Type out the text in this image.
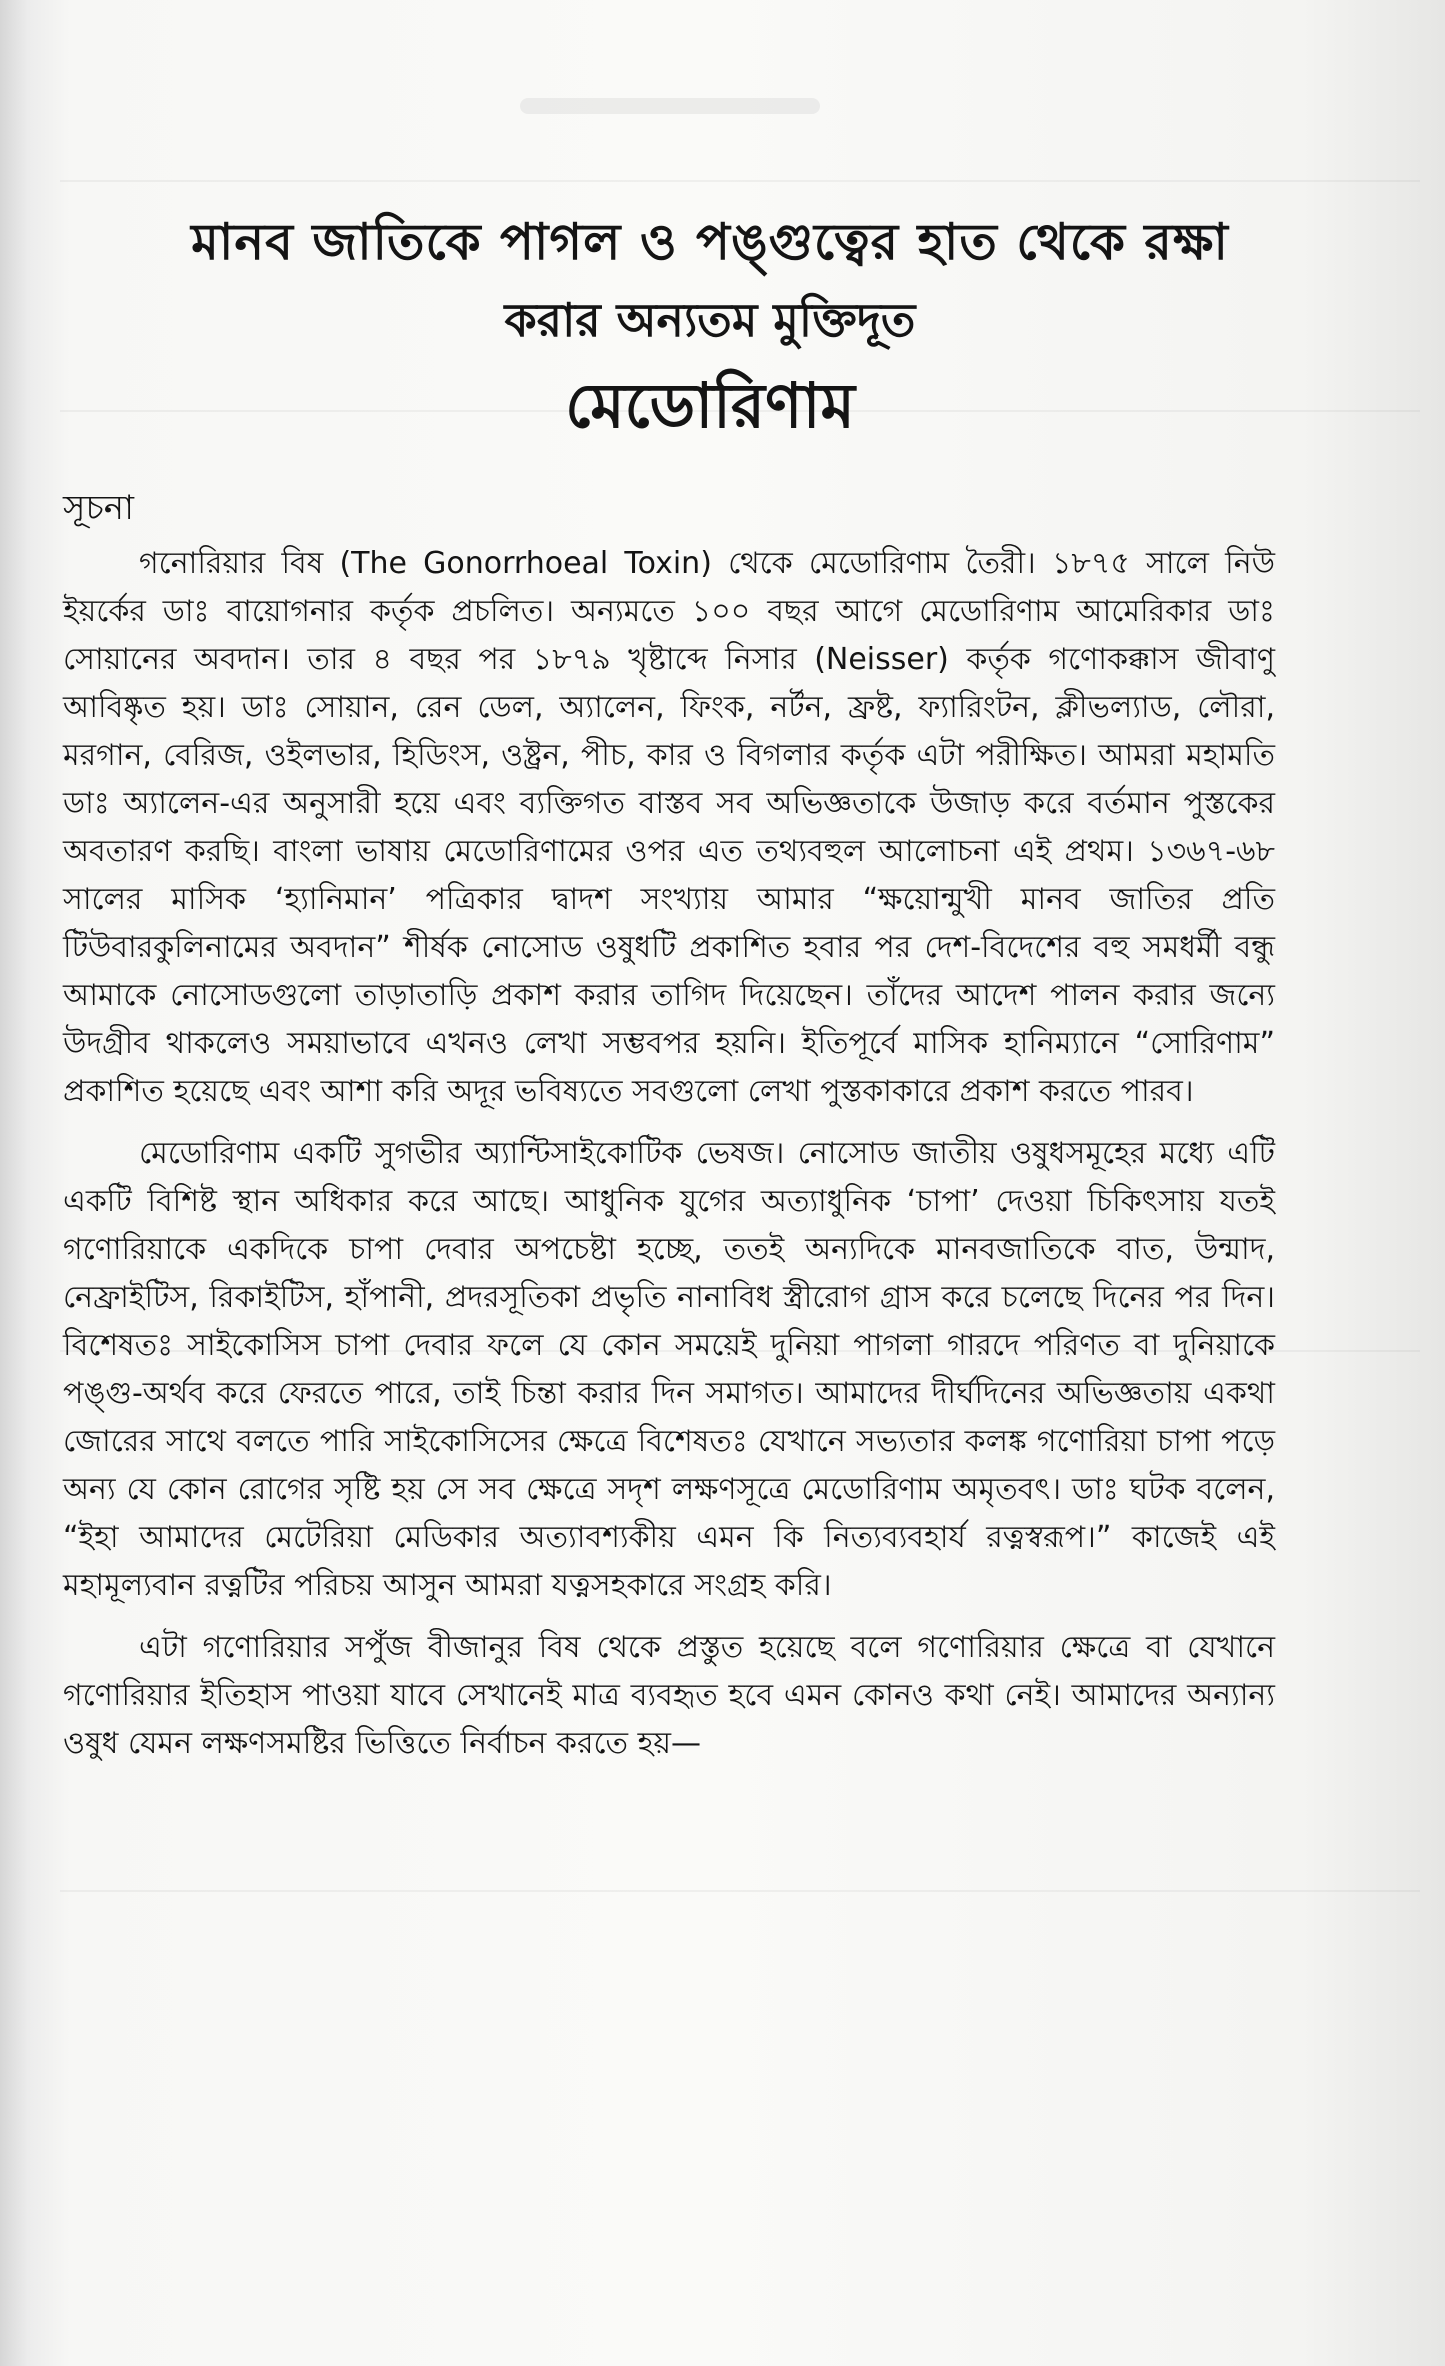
মানব জাতিকে পাগল ও পঙ্গুত্বের হাত থেকে রক্ষা
করার অন্যতম মুক্তিদূত
মেডোরিণাম
সূচনা

গনোরিয়ার বিষ (The Gonorrhoeal Toxin) থেকে মেডোরিণাম তৈরী। ১৮৭৫ সালে নিউ ইয়র্কের ডাঃ বায়োগনার কর্তৃক প্রচলিত। অন্যমতে ১০০ বছর আগে মেডোরিণাম আমেরিকার ডাঃ সোয়ানের অবদান। তার ৪ বছর পর ১৮৭৯ খৃষ্টাব্দে নিসার (Neisser) কর্তৃক গণোকক্কাস জীবাণু আবিষ্কৃত হয়। ডাঃ সোয়ান, রেন ডেল, অ্যালেন, ফিংক, নর্টন, ফ্রষ্ট, ফ্যারিংটন, ক্লীভল্যাড, লৌরা, মরগান, বেরিজ, ওইলভার, হিডিংস, ওষ্ট্রন, পীচ, কার ও বিগলার কর্তৃক এটা পরীক্ষিত। আমরা মহামতি ডাঃ অ্যালেন-এর অনুসারী হয়ে এবং ব্যক্তিগত বাস্তব সব অভিজ্ঞতাকে উজাড় করে বর্তমান পুস্তকের অবতারণ করছি। বাংলা ভাষায় মেডোরিণামের ওপর এত তথ্যবহুল আলোচনা এই প্রথম। ১৩৬৭-৬৮ সালের মাসিক ‘হ্যানিমান’ পত্রিকার দ্বাদশ সংখ্যায় আমার “ক্ষয়োন্মুখী মানব জাতির প্রতি টিউবারকুলিনামের অবদান” শীর্ষক নোসোড ওষুধটি প্রকাশিত হবার পর দেশ-বিদেশের বহু সমধর্মী বন্ধু আমাকে নোসোডগুলো তাড়াতাড়ি প্রকাশ করার তাগিদ দিয়েছেন। তাঁদের আদেশ পালন করার জন্যে উদগ্রীব থাকলেও সময়াভাবে এখনও লেখা সম্ভবপর হয়নি। ইতিপূর্বে মাসিক হানিম্যানে “সোরিণাম” প্রকাশিত হয়েছে এবং আশা করি অদূর ভবিষ্যতে সবগুলো লেখা পুস্তকাকারে প্রকাশ করতে পারব।

মেডোরিণাম একটি সুগভীর অ্যান্টিসাইকোটিক ভেষজ। নোসোড জাতীয় ওষুধসমূহের মধ্যে এটি একটি বিশিষ্ট স্থান অধিকার করে আছে। আধুনিক যুগের অত্যাধুনিক ‘চাপা’ দেওয়া চিকিৎসায় যতই গণোরিয়াকে একদিকে চাপা দেবার অপচেষ্টা হচ্ছে, ততই অন্যদিকে মানবজাতিকে বাত, উন্মাদ, নেফ্রাইটিস, রিকাইটিস, হাঁপানী, প্রদরসূতিকা প্রভৃতি নানাবিধ স্ত্রীরোগ গ্রাস করে চলেছে দিনের পর দিন। বিশেষতঃ সাইকোসিস চাপা দেবার ফলে যে কোন সময়েই দুনিয়া পাগলা গারদে পরিণত বা দুনিয়াকে পঙ্গু-অর্থব করে ফেরতে পারে, তাই চিন্তা করার দিন সমাগত। আমাদের দীর্ঘদিনের অভিজ্ঞতায় একথা জোরের সাথে বলতে পারি সাইকোসিসের ক্ষেত্রে বিশেষতঃ যেখানে সভ্যতার কলঙ্ক গণোরিয়া চাপা পড়ে অন্য যে কোন রোগের সৃষ্টি হয় সে সব ক্ষেত্রে সদৃশ লক্ষণসূত্রে মেডোরিণাম অমৃতবৎ। ডাঃ ঘটক বলেন, “ইহা আমাদের মেটেরিয়া মেডিকার অত্যাবশ্যকীয় এমন কি নিত্যব্যবহার্য রত্নস্বরূপ।” কাজেই এই মহামূল্যবান রত্নটির পরিচয় আসুন আমরা যত্নসহকারে সংগ্রহ করি।

এটা গণোরিয়ার সপুঁজ বীজানুর বিষ থেকে প্রস্তুত হয়েছে বলে গণোরিয়ার ক্ষেত্রে বা যেখানে গণোরিয়ার ইতিহাস পাওয়া যাবে সেখানেই মাত্র ব্যবহৃত হবে এমন কোনও কথা নেই। আমাদের অন্যান্য ওষুধ যেমন লক্ষণসমষ্টির ভিত্তিতে নির্বাচন করতে হয়—
